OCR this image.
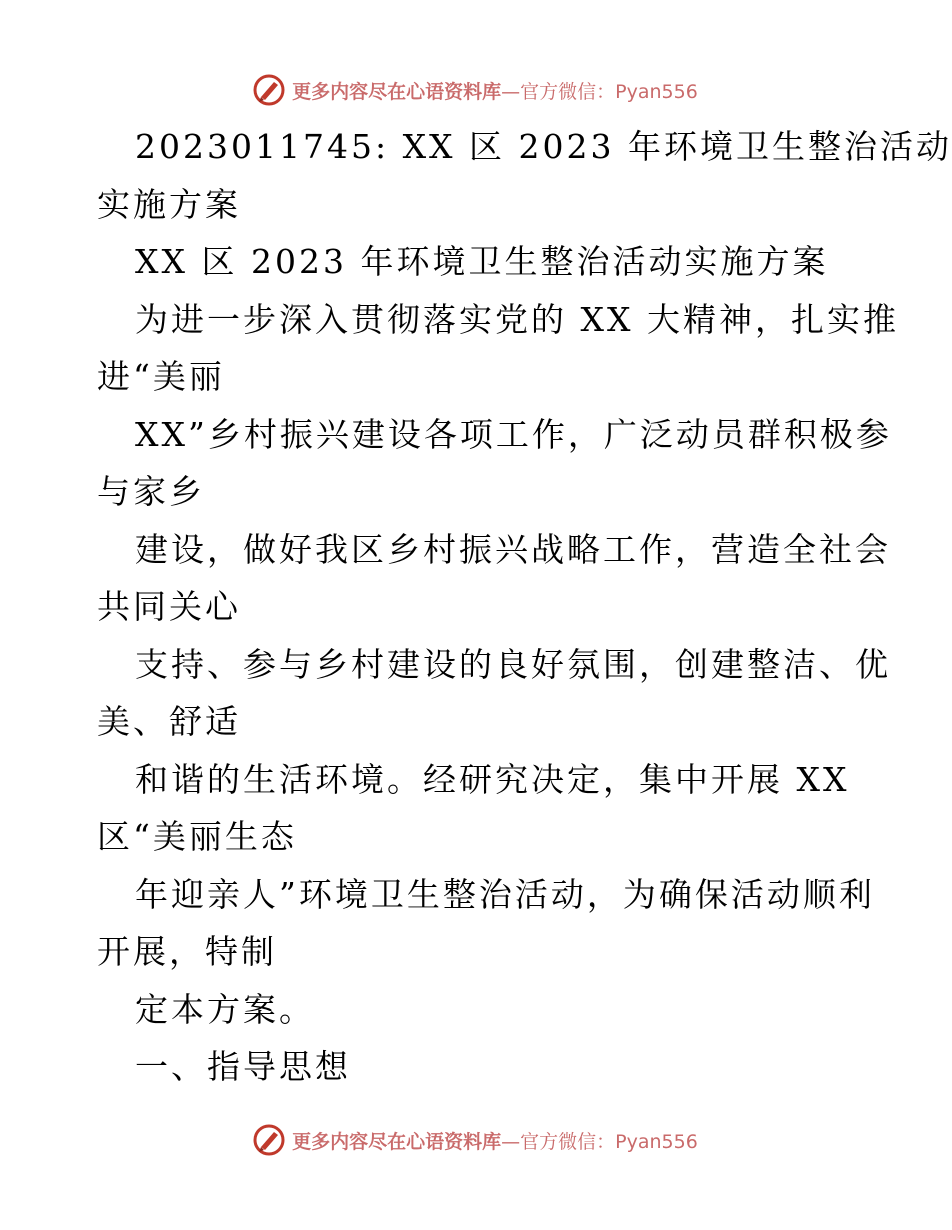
更多内容尽在心语资料库 —官方微信：Pyan556
2023011745: XX 区 2023 年环境卫生整治活动
实施方案
XX 区 2023 年环境卫生整治活动实施方案
为进一步深入贯彻落实党的 XX 大精神，扎实推
进“美丽
XX”乡村振兴建设各项工作，广泛动员群积极参
与家乡
建设，做好我区乡村振兴战略工作，营造全社会
共同关心
支持、参与乡村建设的良好氛围，创建整洁、优
美、舒适
和谐的生活环境。经研究决定，集中开展 XX
区“美丽生态
年迎亲人”环境卫生整治活动，为确保活动顺利
开展，特制
定本方案。
一、指导思想
更多内容尽在心语资料库 —官方微信：Pyan556
